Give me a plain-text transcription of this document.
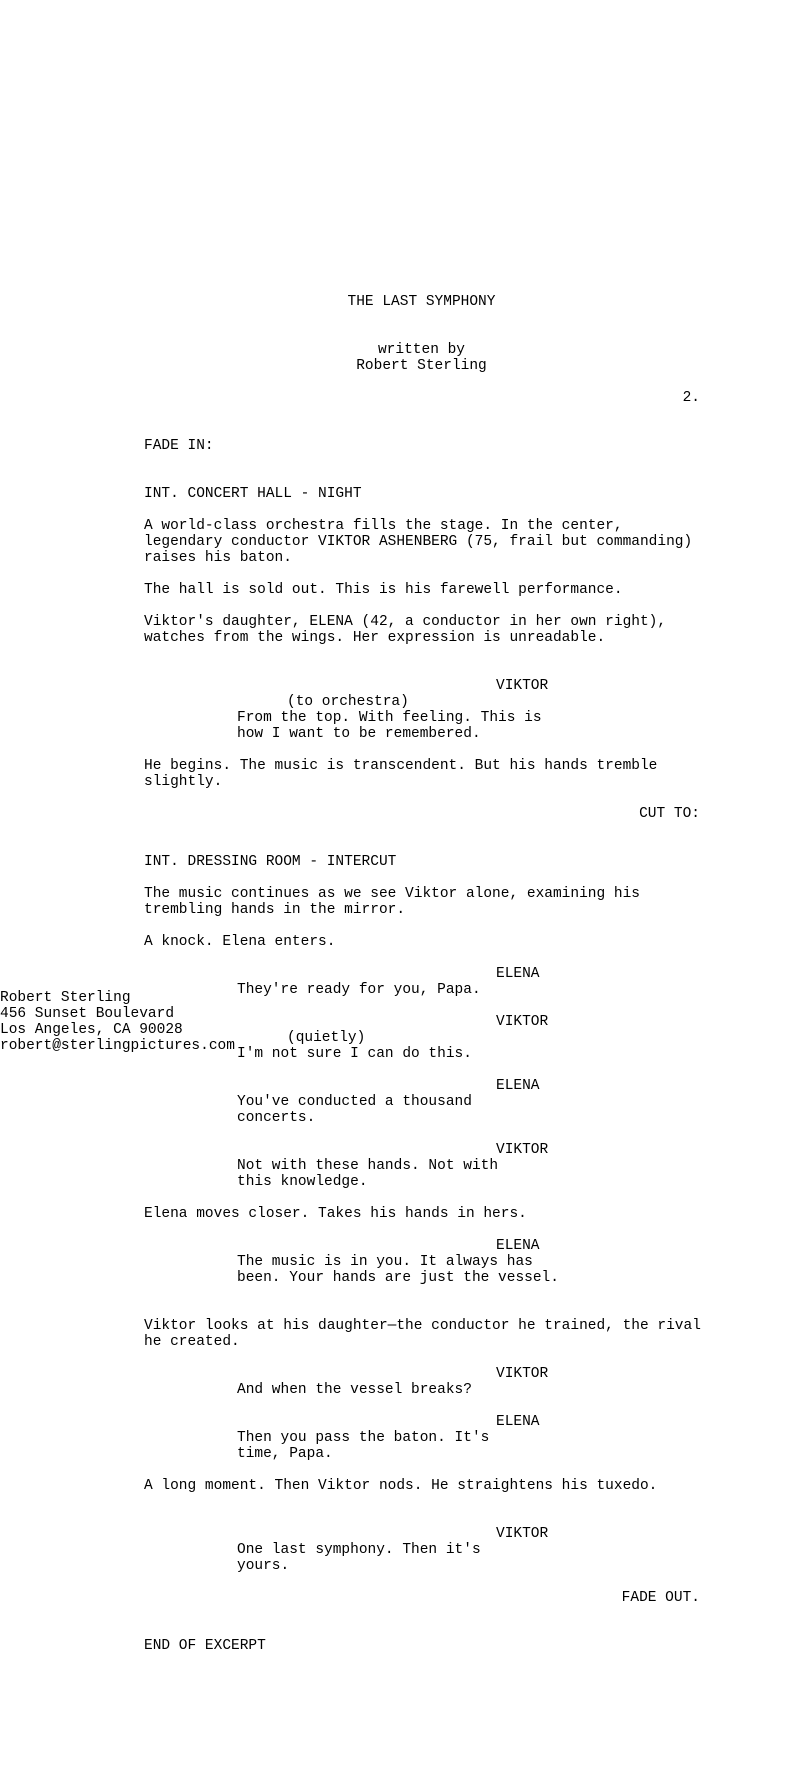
THE LAST SYMPHONY
written by
Robert Sterling
2.
FADE IN:
INT. CONCERT HALL - NIGHT
A world-class orchestra fills the stage. In the center, legendary conductor VIKTOR ASHENBERG (75, frail but commanding) raises his baton.
The hall is sold out. This is his farewell performance.
Viktor's daughter, ELENA (42, a conductor in her own right), watches from the wings. Her expression is unreadable.
VIKTOR
(to orchestra)
From the top. With feeling. This is how I want to be remembered.
He begins. The music is transcendent. But his hands tremble slightly.
CUT TO:
INT. DRESSING ROOM - INTERCUT
The music continues as we see Viktor alone, examining his trembling hands in the mirror.
A knock. Elena enters.
ELENA
They're ready for you, Papa.
Robert Sterling
456 Sunset Boulevard
Los Angeles, CA 90028
robert@sterlingpictures.com
VIKTOR
(quietly)
I'm not sure I can do this.
ELENA
You've conducted a thousand concerts.
VIKTOR
Not with these hands. Not with this knowledge.
Elena moves closer. Takes his hands in hers.
ELENA
The music is in you. It always has been. Your hands are just the vessel.
Viktor looks at his daughter—the conductor he trained, the rival he created.
VIKTOR
And when the vessel breaks?
ELENA
Then you pass the baton. It's time, Papa.
A long moment. Then Viktor nods. He straightens his tuxedo.
VIKTOR
One last symphony. Then it's yours.
FADE OUT.
END OF EXCERPT
